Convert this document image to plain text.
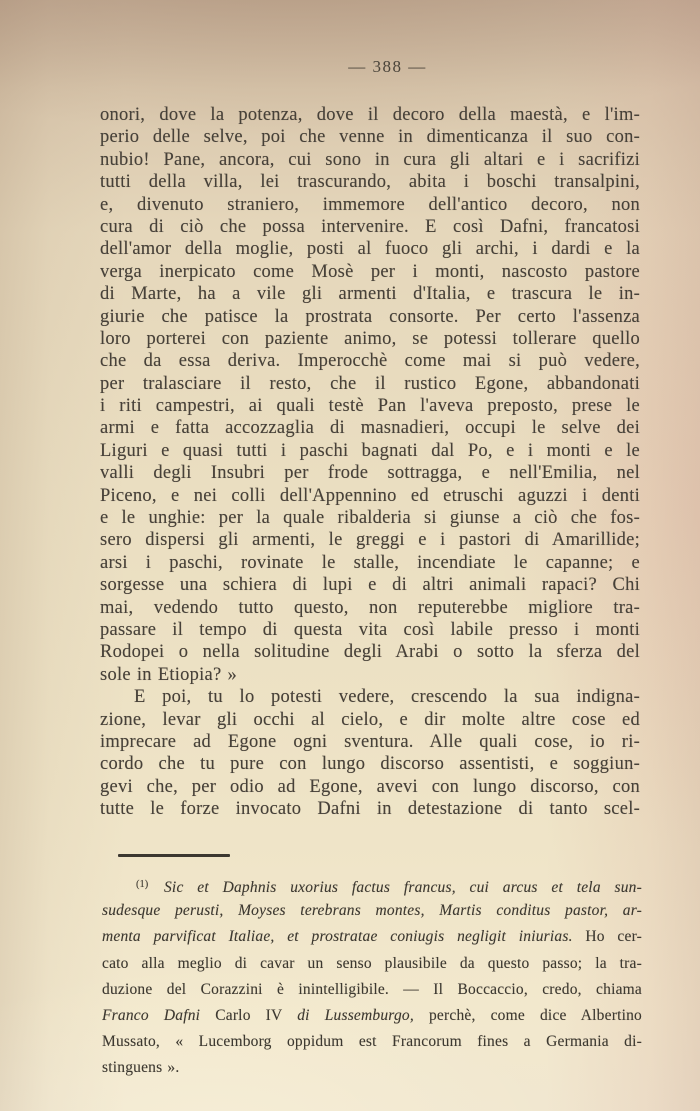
— 388 —
onori, dove la potenza, dove il decoro della maestà, e l'im-
perio delle selve, poi che venne in dimenticanza il suo con-
nubio! Pane, ancora, cui sono in cura gli altari e i sacrifizi
tutti della villa, lei trascurando, abita i boschi transalpini,
e, divenuto straniero, immemore dell'antico decoro, non
cura di ciò che possa intervenire. E così Dafni, francatosi
dell'amor della moglie, posti al fuoco gli archi, i dardi e la
verga inerpicato come Mosè per i monti, nascosto pastore
di Marte, ha a vile gli armenti d'Italia, e trascura le in-
giurie che patisce la prostrata consorte. Per certo l'assenza
loro porterei con paziente animo, se potessi tollerare quello
che da essa deriva. Imperocchè come mai si può vedere,
per tralasciare il resto, che il rustico Egone, abbandonati
i riti campestri, ai quali testè Pan l'aveva preposto, prese le
armi e fatta accozzaglia di masnadieri, occupi le selve dei
Liguri e quasi tutti i paschi bagnati dal Po, e i monti e le
valli degli Insubri per frode sottragga, e nell'Emilia, nel
Piceno, e nei colli dell'Appennino ed etruschi aguzzi i denti
e le unghie: per la quale ribalderia si giunse a ciò che fos-
sero dispersi gli armenti, le greggi e i pastori di Amarillide;
arsi i paschi, rovinate le stalle, incendiate le capanne; e
sorgesse una schiera di lupi e di altri animali rapaci? Chi
mai, vedendo tutto questo, non reputerebbe migliore tra-
passare il tempo di questa vita così labile presso i monti
Rodopei o nella solitudine degli Arabi o sotto la sferza del
sole in Etiopia? »
E poi, tu lo potesti vedere, crescendo la sua indigna-
zione, levar gli occhi al cielo, e dir molte altre cose ed
imprecare ad Egone ogni sventura. Alle quali cose, io ri-
cordo che tu pure con lungo discorso assentisti, e soggiun-
gevi che, per odio ad Egone, avevi con lungo discorso, con
tutte le forze invocato Dafni in detestazione di tanto scel-
$^{(1)}$ Sic et Daphnis uxorius factus francus, cui arcus et tela sun-
sudesque perusti, Moyses terebrans montes, Martis conditus pastor, ar-
menta parvificat Italiae, et prostratae coniugis negligit iniurias. Ho cer-
cato alla meglio di cavar un senso plausibile da questo passo; la tra-
duzione del Corazzini è inintelligibile. — Il Boccaccio, credo, chiama
Franco Dafni Carlo IV di Lussemburgo, perchè, come dice Albertino
Mussato, « Lucemborg oppidum est Francorum fines a Germania di-
stinguens ».
